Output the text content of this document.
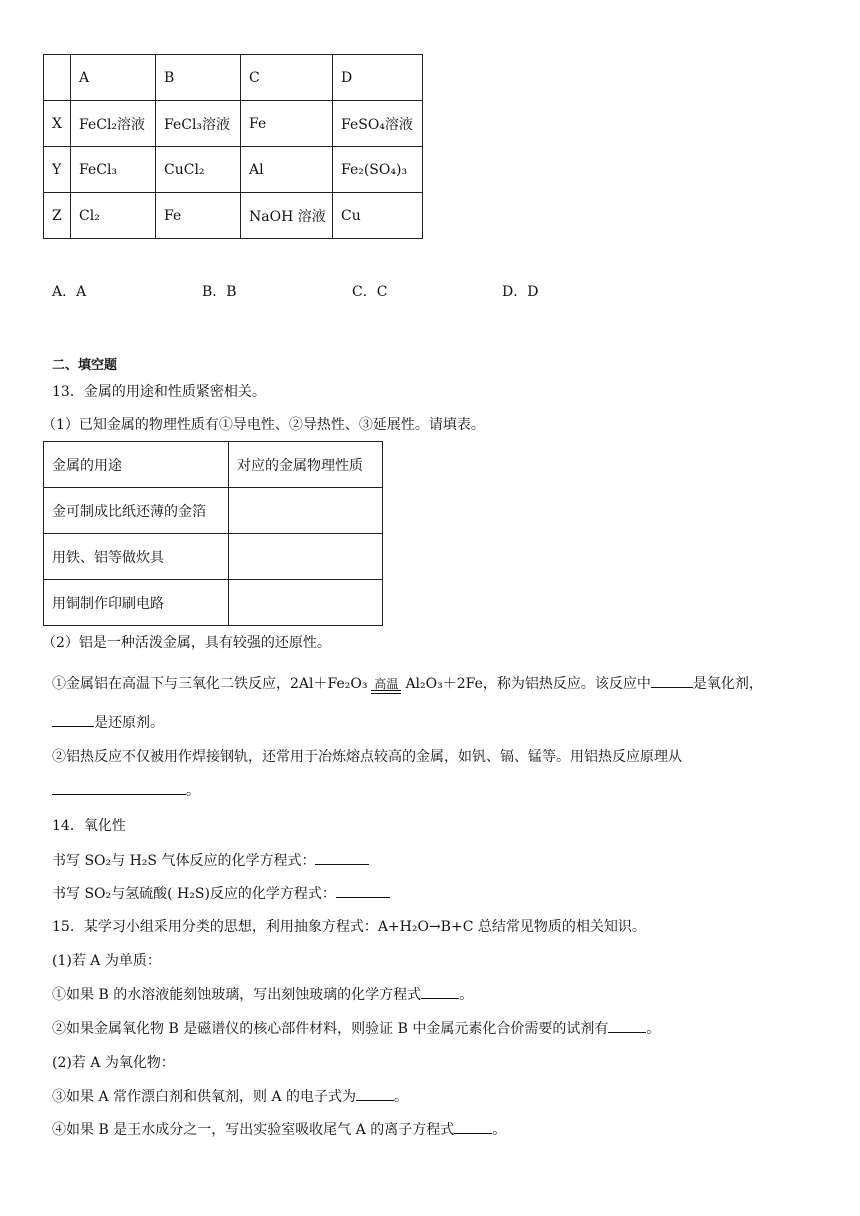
	A	B	C	D
X	FeCl₂溶液	FeCl₃溶液	Fe	FeSO₄溶液
Y	FeCl₃	CuCl₂	Al	Fe₂(SO₄)₃
Z	Cl₂	Fe	NaOH 溶液	Cu
A．A	B．B	C．C	D．D
二、填空题
13．金属的用途和性质紧密相关。
（1）已知金属的物理性质有①导电性、②导热性、③延展性。请填表。
金属的用途	对应的金属物理性质
金可制成比纸还薄的金箔	
用铁、铝等做炊具	
用铜制作印刷电路	
（2）铝是一种活泼金属，具有较强的还原性。
①金属铝在高温下与三氧化二铁反应，2Al＋Fe₂O₃ 高温 Al₂O₃＋2Fe，称为铝热反应。该反应中	是氧化剂，
是还原剂。
②铝热反应不仅被用作焊接钢轨，还常用于冶炼熔点较高的金属，如钒、镉、锰等。用铝热反应原理从
。
14．氧化性
书写 SO₂与 H₂S 气体反应的化学方程式：
书写 SO₂与氢硫酸( H₂S)反应的化学方程式：
15．某学习小组采用分类的思想，利用抽象方程式：A+H₂O→B+C 总结常见物质的相关知识。
(1)若 A 为单质：
①如果 B 的水溶液能刻蚀玻璃，写出刻蚀玻璃的化学方程式	。
②如果金属氧化物 B 是磁谱仪的核心部件材料，则验证 B 中金属元素化合价需要的试剂有	。
(2)若 A 为氧化物：
③如果 A 常作漂白剂和供氧剂，则 A 的电子式为	。
④如果 B 是王水成分之一，写出实验室吸收尾气 A 的离子方程式	。
